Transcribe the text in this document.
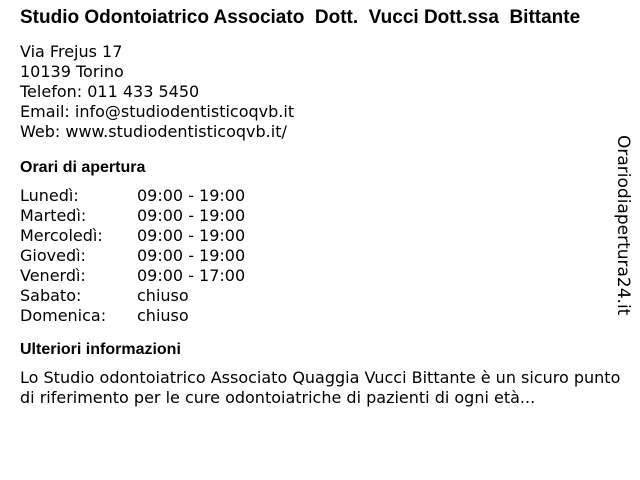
Studio Odontoiatrico Associato  Dott.  Vucci Dott.ssa  Bittante
Via Frejus 17
10139 Torino
Telefon: 011 433 5450
Email: info@studiodentisticoqvb.it
Web: www.studiodentisticoqvb.it/
Orari di apertura
Lunedì:	09:00 - 19:00
Martedì:	09:00 - 19:00
Mercoledì:	09:00 - 19:00
Giovedì:	09:00 - 19:00
Venerdì:	09:00 - 17:00
Sabato:	chiuso
Domenica:	chiuso
Ulteriori informazioni
Lo Studio odontoiatrico Associato Quaggia Vucci Bittante è un sicuro punto di riferimento per le cure odontoiatriche di pazienti di ogni età...
Orariodiapertura24.it
